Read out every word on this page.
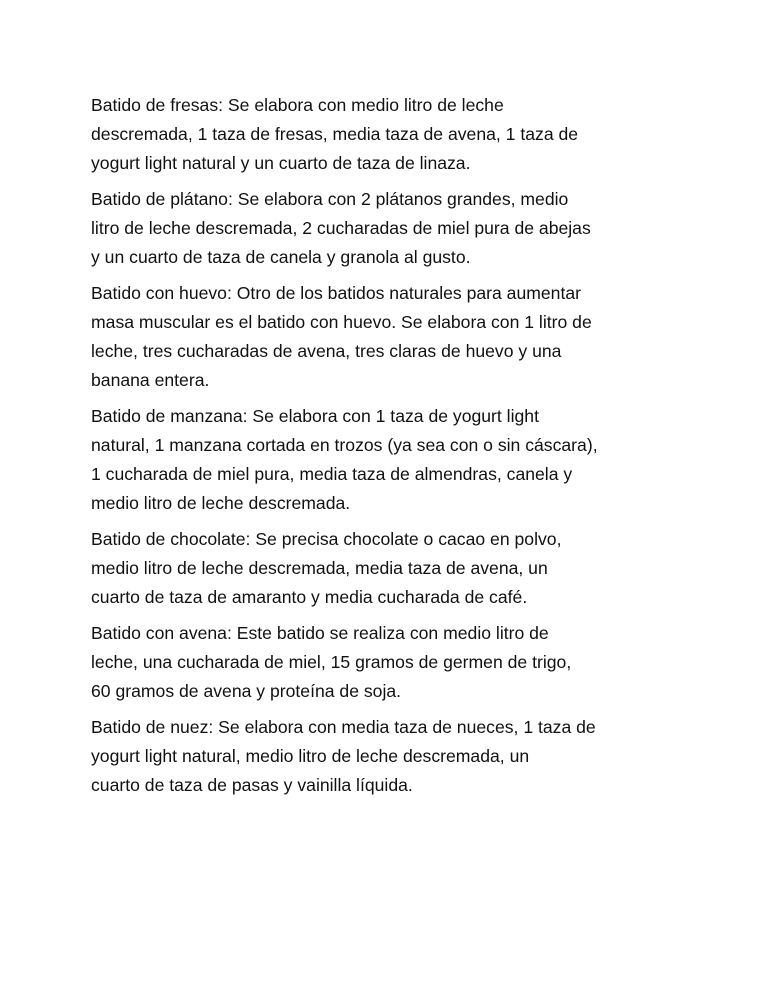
Batido de fresas: Se elabora con medio litro de leche
descremada, 1 taza de fresas, media taza de avena, 1 taza de
yogurt light natural y un cuarto de taza de linaza.

Batido de plátano: Se elabora con 2 plátanos grandes, medio
litro de leche descremada, 2 cucharadas de miel pura de abejas
y un cuarto de taza de canela y granola al gusto.

Batido con huevo: Otro de los batidos naturales para aumentar
masa muscular es el batido con huevo. Se elabora con 1 litro de
leche, tres cucharadas de avena, tres claras de huevo y una
banana entera.

Batido de manzana: Se elabora con 1 taza de yogurt light
natural, 1 manzana cortada en trozos (ya sea con o sin cáscara),
1 cucharada de miel pura, media taza de almendras, canela y
medio litro de leche descremada.

Batido de chocolate: Se precisa chocolate o cacao en polvo,
medio litro de leche descremada, media taza de avena, un
cuarto de taza de amaranto y media cucharada de café.

Batido con avena: Este batido se realiza con medio litro de
leche, una cucharada de miel, 15 gramos de germen de trigo,
60 gramos de avena y proteína de soja.

Batido de nuez: Se elabora con media taza de nueces, 1 taza de
yogurt light natural, medio litro de leche descremada, un
cuarto de taza de pasas y vainilla líquida.
